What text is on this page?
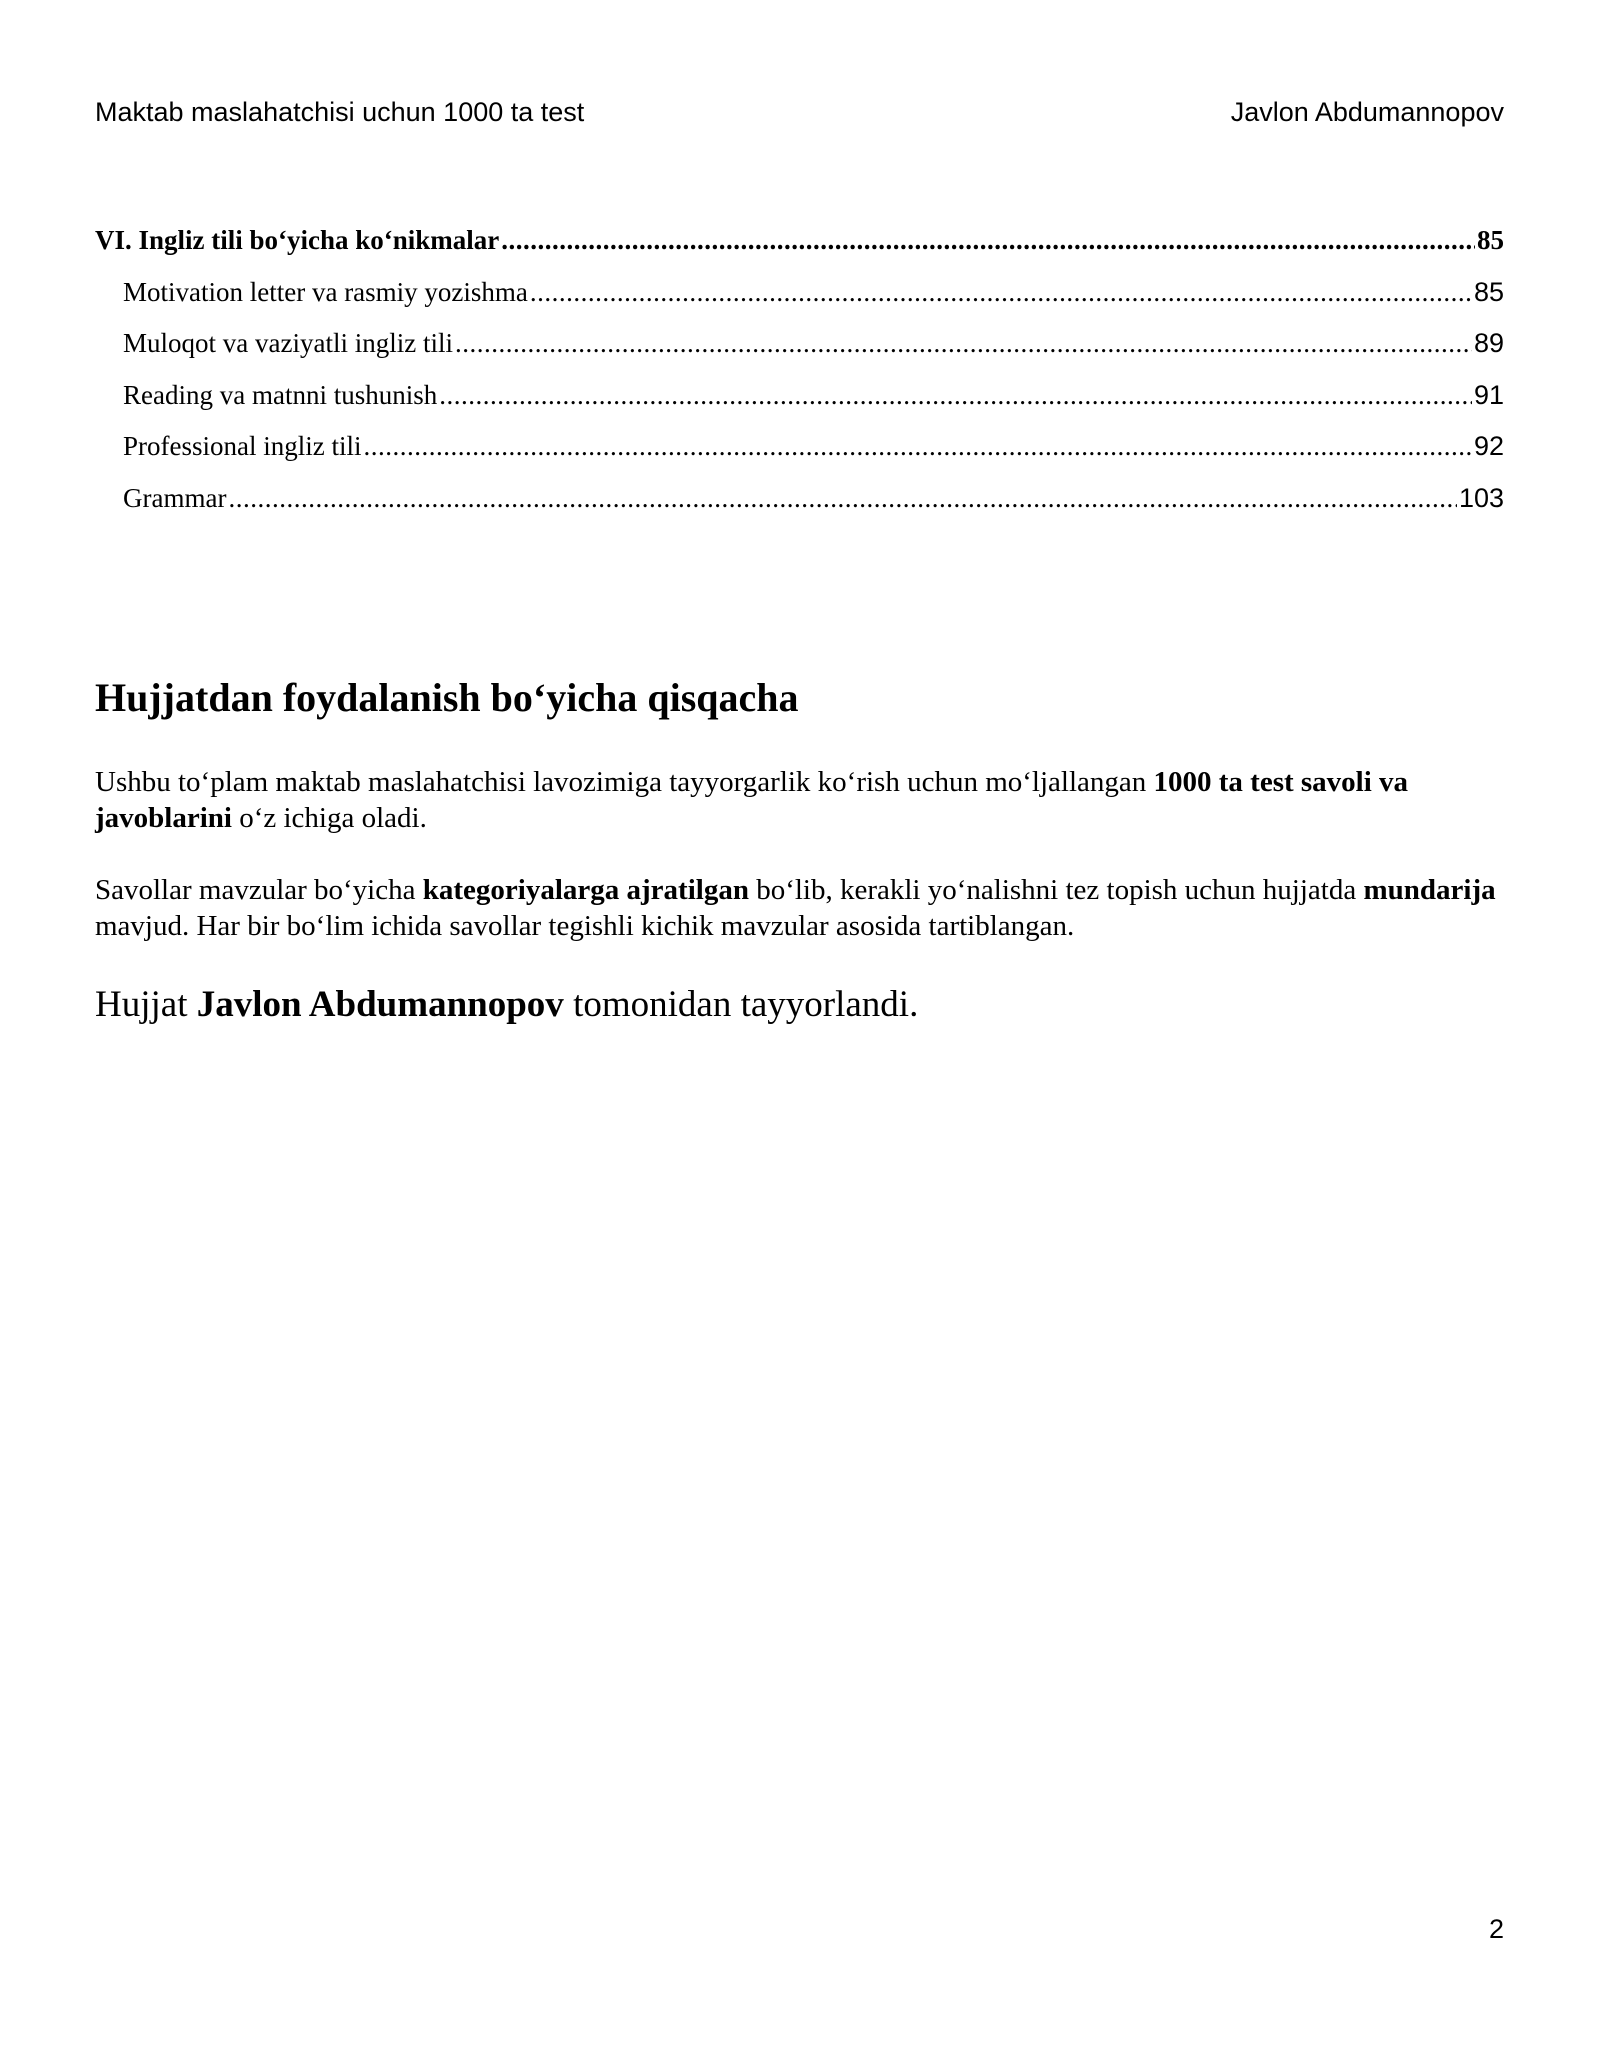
Maktab maslahatchisi uchun 1000 ta test	Javlon Abdumannopov
VI. Ingliz tili bo‘yicha ko‘nikmalar .....	85
Motivation letter va rasmiy yozishma .....	85
Muloqot va vaziyatli ingliz tili .....	89
Reading va matnni tushunish .....	91
Professional ingliz tili .....	92
Grammar .....	103
Hujjatdan foydalanish bo‘yicha qisqacha

Ushbu to‘plam maktab maslahatchisi lavozimiga tayyorgarlik ko‘rish uchun mo‘ljallangan 1000 ta test savoli va javoblarini o‘z ichiga oladi.

Savollar mavzular bo‘yicha kategoriyalarga ajratilgan bo‘lib, kerakli yo‘nalishni tez topish uchun hujjatda mundarija mavjud. Har bir bo‘lim ichida savollar tegishli kichik mavzular asosida tartiblangan.

Hujjat Javlon Abdumannopov tomonidan tayyorlandi.

2
